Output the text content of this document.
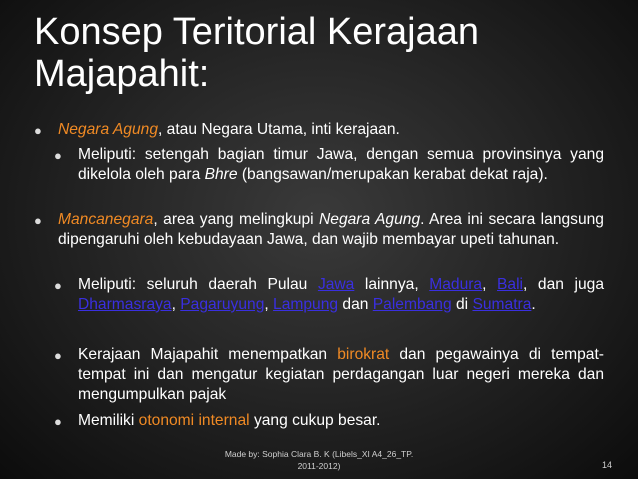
Konsep Teritorial Kerajaan
Majapahit:
● Negara Agung, atau Negara Utama, inti kerajaan.

● Meliputi: setengah bagian timur Jawa, dengan semua provinsinya yang dikelola oleh para Bhre (bangsawan/merupakan kerabat dekat raja).

● Mancanegara, area yang melingkupi Negara Agung. Area ini secara langsung dipengaruhi oleh kebudayaan Jawa, dan wajib membayar upeti tahunan.

● Meliputi: seluruh daerah Pulau Jawa lainnya, Madura, Bali, dan juga Dharmasraya, Pagaruyung, Lampung dan Palembang di Sumatra.

● Kerajaan Majapahit menempatkan birokrat dan pegawainya di tempat-tempat ini dan mengatur kegiatan perdagangan luar negeri mereka dan mengumpulkan pajak

● Memiliki otonomi internal yang cukup besar.

Made by: Sophia Clara B. K (Libels_XI A4_26_TP.
2011-2012)	14
